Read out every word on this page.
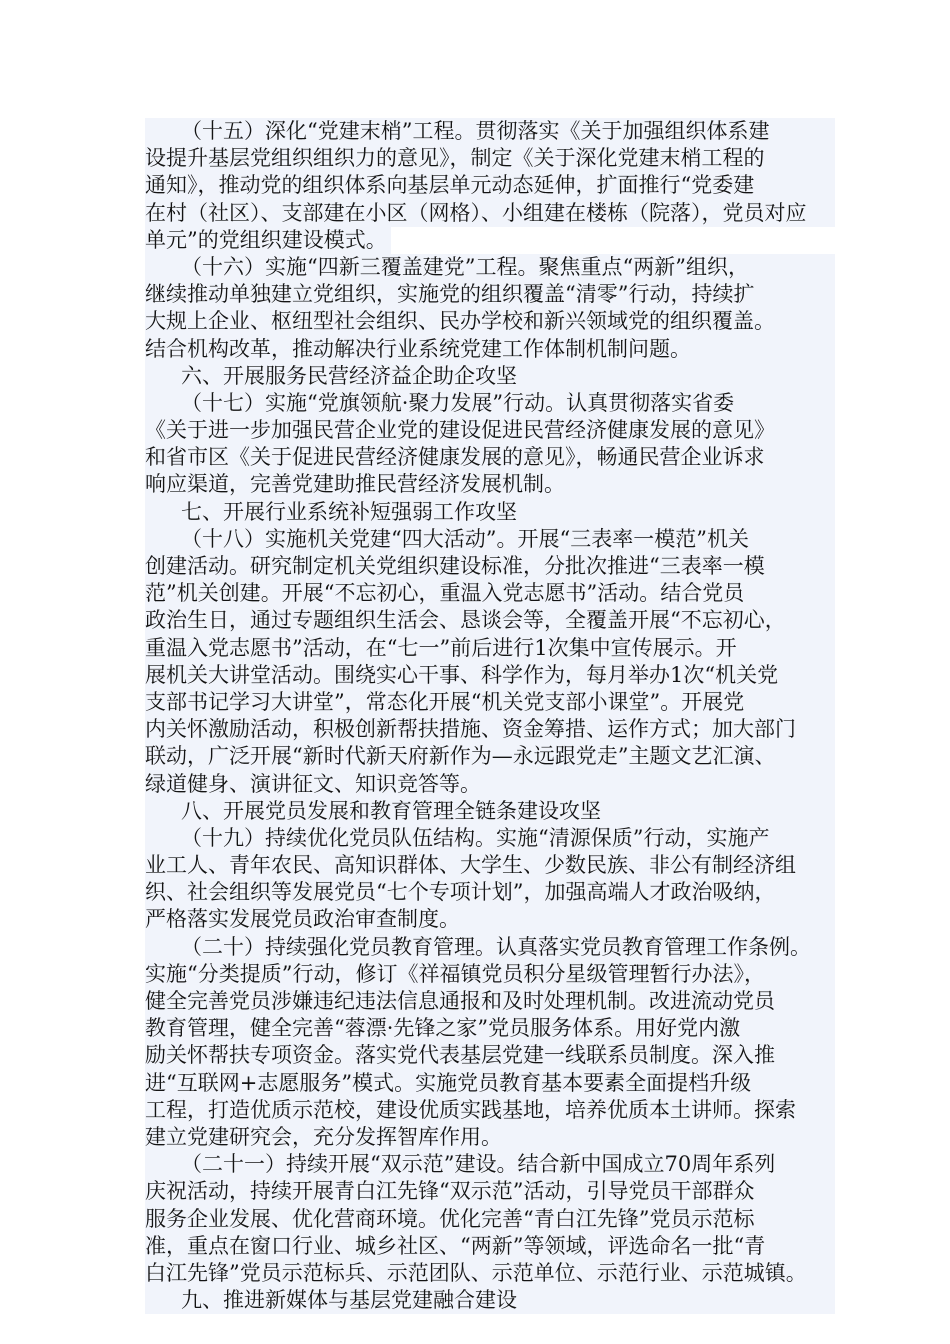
（十五）深化“党建末梢”工程。贯彻落实《关于加强组织体系建
设提升基层党组织组织力的意见》，制定《关于深化党建末梢工程的
通知》，推动党的组织体系向基层单元动态延伸，扩面推行“党委建
在村（社区）、支部建在小区（网格）、小组建在楼栋（院落），党员对应
单元”的党组织建设模式。
（十六）实施“四新三覆盖建党”工程。聚焦重点“两新”组织，
继续推动单独建立党组织，实施党的组织覆盖“清零”行动，持续扩
大规上企业、枢纽型社会组织、民办学校和新兴领域党的组织覆盖。
结合机构改革，推动解决行业系统党建工作体制机制问题。
六、开展服务民营经济益企助企攻坚
（十七）实施“党旗领航·聚力发展”行动。认真贯彻落实省委
《关于进一步加强民营企业党的建设促进民营经济健康发展的意见》
和省市区《关于促进民营经济健康发展的意见》，畅通民营企业诉求
响应渠道，完善党建助推民营经济发展机制。
七、开展行业系统补短强弱工作攻坚
（十八）实施机关党建“四大活动”。开展“三表率一模范”机关
创建活动。研究制定机关党组织建设标准，分批次推进“三表率一模
范”机关创建。开展“不忘初心，重温入党志愿书”活动。结合党员
政治生日，通过专题组织生活会、恳谈会等，全覆盖开展“不忘初心，
重温入党志愿书”活动，在“七一”前后进行1次集中宣传展示。开
展机关大讲堂活动。围绕实心干事、科学作为，每月举办1次“机关党
支部书记学习大讲堂”，常态化开展“机关党支部小课堂”。开展党
内关怀激励活动，积极创新帮扶措施、资金筹措、运作方式；加大部门
联动，广泛开展“新时代新天府新作为—永远跟党走”主题文艺汇演、
绿道健身、演讲征文、知识竞答等。
八、开展党员发展和教育管理全链条建设攻坚
（十九）持续优化党员队伍结构。实施“清源保质”行动，实施产
业工人、青年农民、高知识群体、大学生、少数民族、非公有制经济组
织、社会组织等发展党员“七个专项计划”，加强高端人才政治吸纳，
严格落实发展党员政治审查制度。
（二十）持续强化党员教育管理。认真落实党员教育管理工作条例。
实施“分类提质”行动，修订《祥福镇党员积分星级管理暂行办法》，
健全完善党员涉嫌违纪违法信息通报和及时处理机制。改进流动党员
教育管理，健全完善“蓉漂·先锋之家”党员服务体系。用好党内激
励关怀帮扶专项资金。落实党代表基层党建一线联系员制度。深入推
进“互联网+志愿服务”模式。实施党员教育基本要素全面提档升级
工程，打造优质示范校，建设优质实践基地，培养优质本土讲师。探索
建立党建研究会，充分发挥智库作用。
（二十一）持续开展“双示范”建设。结合新中国成立70周年系列
庆祝活动，持续开展青白江先锋“双示范”活动，引导党员干部群众
服务企业发展、优化营商环境。优化完善“青白江先锋”党员示范标
准，重点在窗口行业、城乡社区、“两新”等领域，评选命名一批“青
白江先锋”党员示范标兵、示范团队、示范单位、示范行业、示范城镇。
九、推进新媒体与基层党建融合建设
